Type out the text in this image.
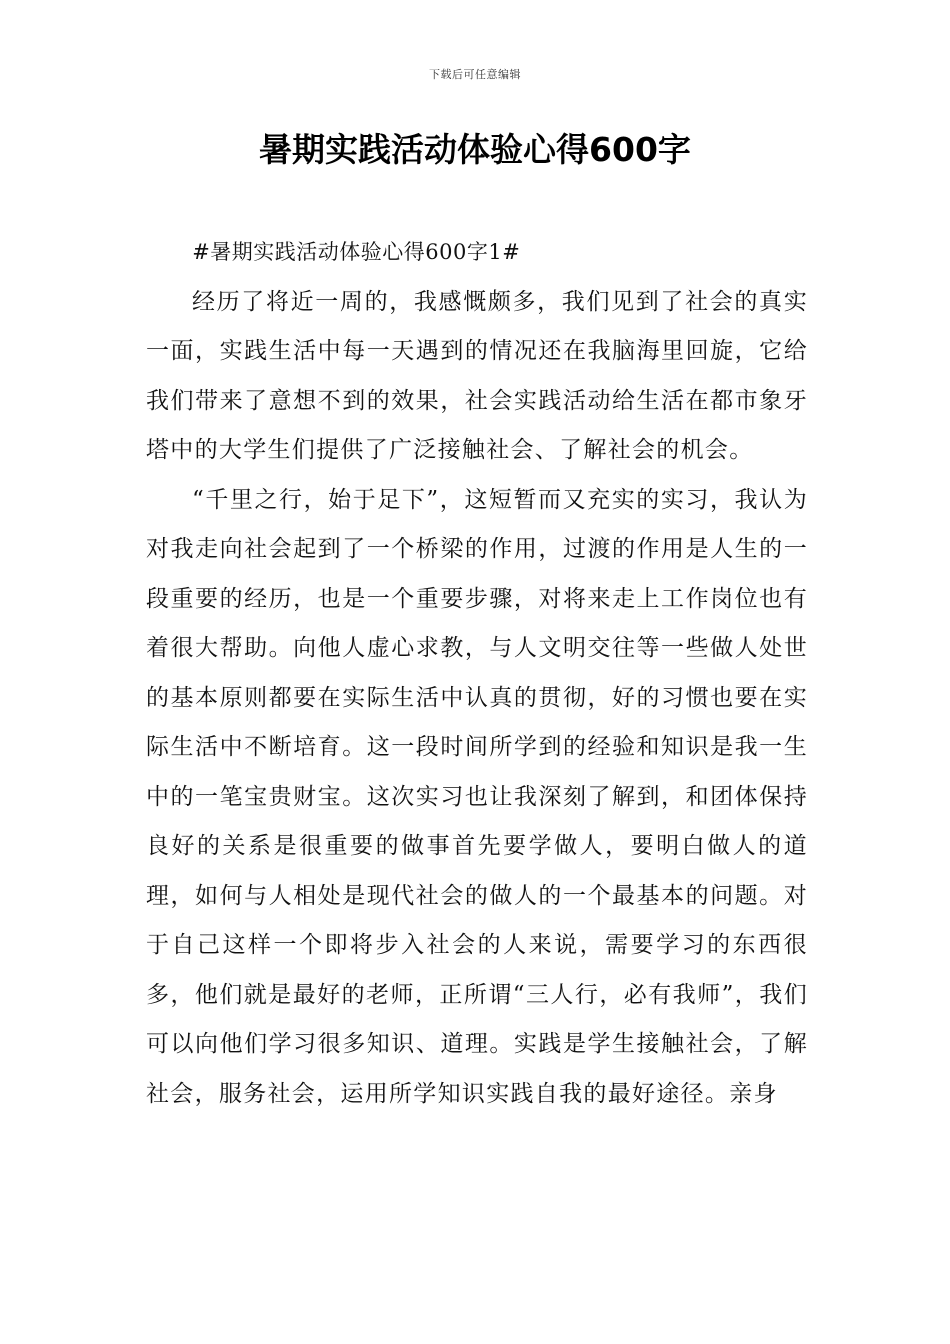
下载后可任意编辑
暑期实践活动体验心得600字

#暑期实践活动体验心得600字1#

经历了将近一周的，我感慨颇多，我们见到了社会的真实一面，实践生活中每一天遇到的情况还在我脑海里回旋，它给我们带来了意想不到的效果，社会实践活动给生活在都市象牙塔中的大学生们提供了广泛接触社会、了解社会的机会。

“千里之行，始于足下”，这短暂而又充实的实习，我认为对我走向社会起到了一个桥梁的作用，过渡的作用是人生的一段重要的经历，也是一个重要步骤，对将来走上工作岗位也有着很大帮助。向他人虚心求教，与人文明交往等一些做人处世的基本原则都要在实际生活中认真的贯彻，好的习惯也要在实际生活中不断培育。这一段时间所学到的经验和知识是我一生中的一笔宝贵财宝。这次实习也让我深刻了解到，和团体保持良好的关系是很重要的做事首先要学做人，要明白做人的道理，如何与人相处是现代社会的做人的一个最基本的问题。对于自己这样一个即将步入社会的人来说，需要学习的东西很多，他们就是最好的老师，正所谓“三人行，必有我师”，我们可以向他们学习很多知识、道理。实践是学生接触社会，了解社会，服务社会，运用所学知识实践自我的最好途径。亲身
